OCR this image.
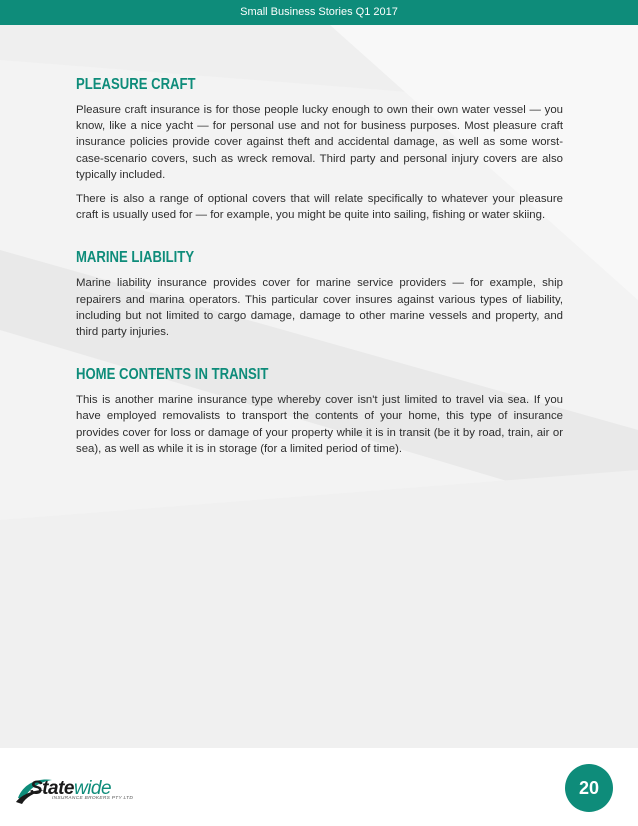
Small Business Stories Q1 2017
PLEASURE CRAFT

Pleasure craft insurance is for those people lucky enough to own their own water vessel — you know, like a nice yacht — for personal use and not for business purposes. Most pleasure craft insurance policies provide cover against theft and accidental damage, as well as some worst-case-scenario covers, such as wreck removal. Third party and personal injury covers are also typically included.

There is also a range of optional covers that will relate specifically to whatever your pleasure craft is usually used for — for example, you might be quite into sailing, fishing or water skiing.

MARINE LIABILITY

Marine liability insurance provides cover for marine service providers — for example, ship repairers and marina operators. This particular cover insures against various types of liability, including but not limited to cargo damage, damage to other marine vessels and property, and third party injuries.

HOME CONTENTS IN TRANSIT

This is another marine insurance type whereby cover isn't just limited to travel via sea. If you have employed removalists to transport the contents of your home, this type of insurance provides cover for loss or damage of your property while it is in transit (be it by road, train, air or sea), as well as while it is in storage (for a limited period of time).

Statewide
INSURANCE BROKERS PTY LTD
20
